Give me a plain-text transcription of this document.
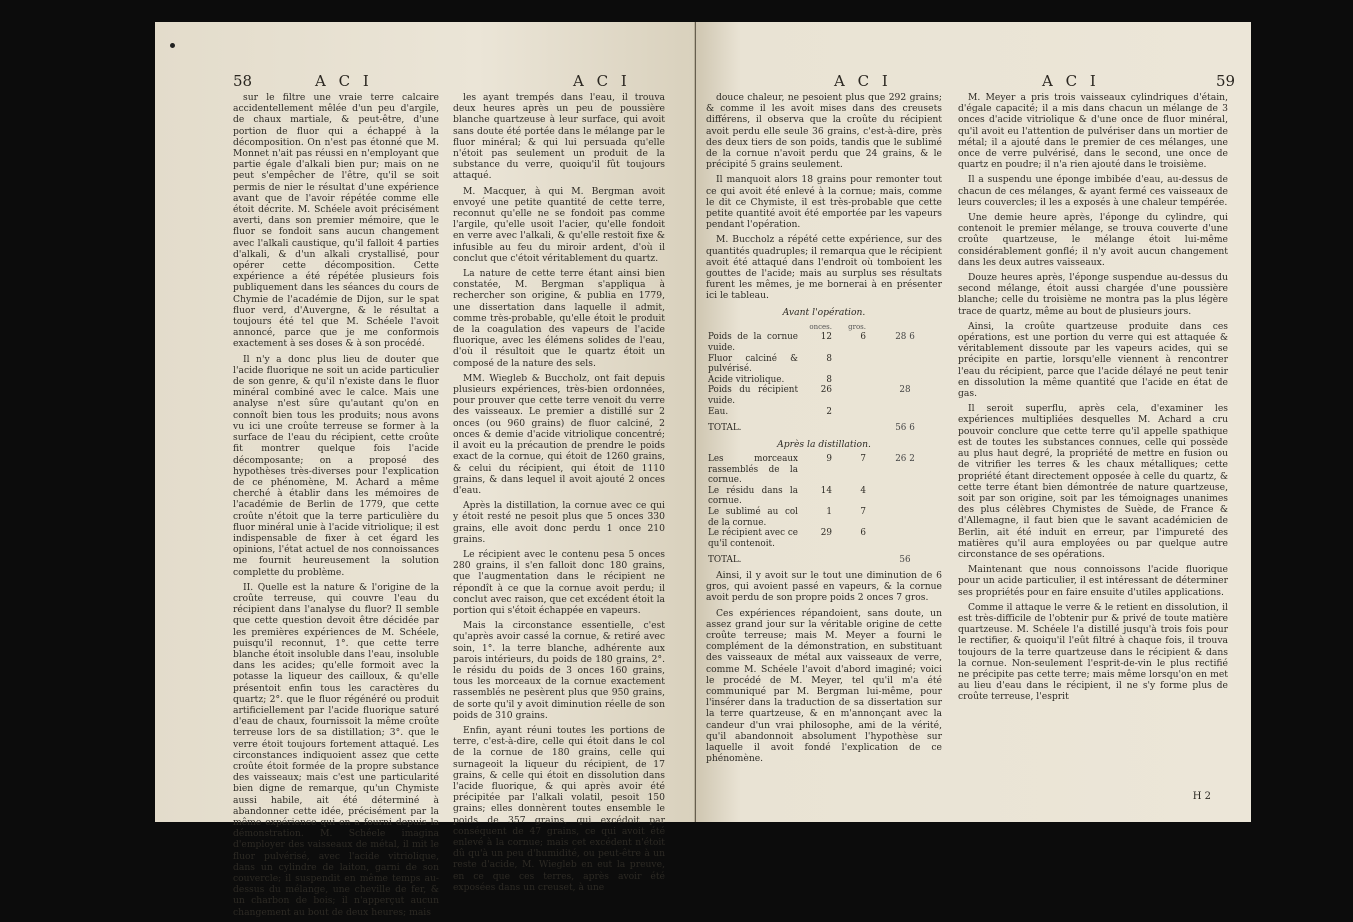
58	A C I	A C I

sur le filtre une vraie terre calcaire accidentellement mêlée d'un peu d'argile, de chaux martiale, & peut-être, d'une portion de fluor qui a échappé à la décomposition. On n'est pas étonné que M. Monnet n'ait pas réussi en n'employant que partie égale d'alkali bien pur; mais on ne peut s'empêcher de l'être, qu'il se soit permis de nier le résultat d'une expérience avant que de l'avoir répétée comme elle étoit décrite. M. Schéele avoit précisément averti, dans son premier mémoire, que le fluor se fondoit sans aucun changement avec l'alkali caustique, qu'il falloit 4 parties d'alkali, & d'un alkali crystallisé, pour opérer cette décomposition. Cette expérience a été répétée plusieurs fois publiquement dans les séances du cours de Chymie de l'académie de Dijon, sur le spat fluor verd, d'Auvergne, & le résultat a toujours été tel que M. Schéele l'avoit annoncé, parce que je me conformois exactement à ses doses & à son procédé.

Il n'y a donc plus lieu de douter que l'acide fluorique ne soit un acide particulier de son genre, & qu'il n'existe dans le fluor minéral combiné avec le calce. Mais une analyse n'est sûre qu'autant qu'on en connoît bien tous les produits; nous avons vu ici une croûte terreuse se former à la surface de l'eau du récipient, cette croûte fit montrer quelque fois l'acide décomposante; on a proposé des hypothèses très-diverses pour l'explication de ce phénomène, M. Achard a même cherché à établir dans les mémoires de l'académie de Berlin de 1779, que cette croûte n'étoit que la terre particulière du fluor minéral unie à l'acide vitriolique; il est indispensable de fixer à cet égard les opinions, l'état actuel de nos connoissances me fournit heureusement la solution complette du problème.

II. Quelle est la nature & l'origine de la croûte terreuse, qui couvre l'eau du récipient dans l'analyse du fluor? Il semble que cette question devoit être décidée par les premières expériences de M. Schéele, puisqu'il reconnut, 1°. que cette terre blanche étoit insoluble dans l'eau, insoluble dans les acides; qu'elle formoit avec la potasse la liqueur des cailloux, & qu'elle présentoit enfin tous les caractères du quartz; 2°. que le fluor régénéré ou produit artificiellement par l'acide fluorique saturé d'eau de chaux, fournissoit la même croûte terreuse lors de sa distillation; 3°. que le verre étoit toujours fortement attaqué. Les circonstances indiquoient assez que cette croûte étoit formée de la propre substance des vaisseaux; mais c'est une particularité bien digne de remarque, qu'un Chymiste aussi habile, ait été déterminé à abandonner cette idée, précisément par la même expérience qui en a fourni depuis la démonstration. M. Schéele imagina d'employer des vaisseaux de métal, il mit le fluor pulvérisé, avec l'acide vitriolique, dans un cylindre de laiton, garni de son couvercle; il suspendit en même temps au-dessus du mélange, une cheville de fer, & un charbon de bois; il n'apperçut aucun changement au bout de deux heures; mais

les ayant trempés dans l'eau, il trouva deux heures après un peu de poussière blanche quartzeuse à leur surface, qui avoit sans doute été portée dans le mélange par le fluor minéral; & qui lui persuada qu'elle n'étoit pas seulement un produit de la substance du verre, quoiqu'il fût toujours attaqué.

M. Macquer, à qui M. Bergman avoit envoyé une petite quantité de cette terre, reconnut qu'elle ne se fondoit pas comme l'argile, qu'elle usoit l'acier, qu'elle fondoit en verre avec l'alkali, & qu'elle restoit fixe & infusible au feu du miroir ardent, d'où il conclut que c'étoit véritablement du quartz.

La nature de cette terre étant ainsi bien constatée, M. Bergman s'appliqua à rechercher son origine, & publia en 1779, une dissertation dans laquelle il admit, comme très-probable, qu'elle étoit le produit de la coagulation des vapeurs de l'acide fluorique, avec les élémens solides de l'eau, d'où il résultoit que le quartz étoit un composé de la nature des sels.

MM. Wiegleb & Buccholz, ont fait depuis plusieurs expériences, très-bien ordonnées, pour prouver que cette terre venoit du verre des vaisseaux. Le premier a distillé sur 2 onces (ou 960 grains) de fluor calciné, 2 onces & demie d'acide vitriolique concentré; il avoit eu la précaution de prendre le poids exact de la cornue, qui étoit de 1260 grains, & celui du récipient, qui étoit de 1110 grains, & dans lequel il avoit ajouté 2 onces d'eau.

Après la distillation, la cornue avec ce qui y étoit resté ne pesoit plus que 5 onces 330 grains, elle avoit donc perdu 1 once 210 grains.

Le récipient avec le contenu pesa 5 onces 280 grains, il s'en falloit donc 180 grains, que l'augmentation dans le récipient ne répondît à ce que la cornue avoit perdu; il conclut avec raison, que cet excédent étoit la portion qui s'étoit échappée en vapeurs.

Mais la circonstance essentielle, c'est qu'après avoir cassé la cornue, & retiré avec soin, 1°. la terre blanche, adhérente aux parois intérieurs, du poids de 180 grains, 2°. le résidu du poids de 3 onces 160 grains, tous les morceaux de la cornue exactement rassemblés ne pesèrent plus que 950 grains, de sorte qu'il y avoit diminution réelle de son poids de 310 grains.

Enfin, ayant réuni toutes les portions de terre, c'est-à-dire, celle qui étoit dans le col de la cornue de 180 grains, celle qui surnageoit la liqueur du récipient, de 17 grains, & celle qui étoit en dissolution dans l'acide fluorique, & qui après avoir été précipitée par l'alkali volatil, pesoit 150 grains; elles donnèrent toutes ensemble le poids de 357 grains, qui excédoit par conséquent de 47 grains, ce qui avoit été enlevé à la cornue; mais cet excédent n'étoit dû qu'à un peu d'humidité, ou peut-être à un reste d'acide, M. Wiegleb en eut la preuve, en ce que ces terres, après avoir été exposées dans un creuset, à une

A C I	A C I	59

douce chaleur, ne pesoient plus que 292 grains; & comme il les avoit mises dans des creusets différens, il observa que la croûte du récipient avoit perdu elle seule 36 grains, c'est-à-dire, près des deux tiers de son poids, tandis que le sublimé de la cornue n'avoit perdu que 24 grains, & le précipité 5 grains seulement.

Il manquoit alors 18 grains pour remonter tout ce qui avoit été enlevé à la cornue; mais, comme le dit ce Chymiste, il est très-probable que cette petite quantité avoit été emportée par les vapeurs pendant l'opération.

M. Buccholz a répété cette expérience, sur des quantités quadruples; il remarqua que le récipient avoit été attaqué dans l'endroit où tomboient les gouttes de l'acide; mais au surplus ses résultats furent les mêmes, je me bornerai à en présenter ici le tableau.

Avant l'opération.

	onces.	gros.	
Poids de la cornue vuide.	12	6	28 6
Fluor calciné & pulvérisé.	8		
Acide vitriolique.	8		
Poids du récipient vuide.	26		28
Eau.	2		
TOTAL.			56 6

Après la distillation.

Les morceaux rassemblés de la cornue.	9	7	26 2
Le résidu dans la cornue.	14	4	
Le sublimé au col de la cornue.	1	7	
Le récipient avec ce qu'il contenoit.	29	6	
TOTAL.			56

Ainsi, il y avoit sur le tout une diminution de 6 gros, qui avoient passé en vapeurs, & la cornue avoit perdu de son propre poids 2 onces 7 gros.

Ces expériences répandoient, sans doute, un assez grand jour sur la véritable origine de cette croûte terreuse; mais M. Meyer a fourni le complément de la démonstration, en substituant des vaisseaux de métal aux vaisseaux de verre, comme M. Schéele l'avoit d'abord imaginé; voici le procédé de M. Meyer, tel qu'il m'a été communiqué par M. Bergman lui-même, pour l'insérer dans la traduction de sa dissertation sur la terre quartzeuse, & en m'annonçant avec la candeur d'un vrai philosophe, ami de la vérité, qu'il abandonnoit absolument l'hypothèse sur laquelle il avoit fondé l'explication de ce phénomène.

M. Meyer a pris trois vaisseaux cylindriques d'étain, d'égale capacité; il a mis dans chacun un mélange de 3 onces d'acide vitriolique & d'une once de fluor minéral, qu'il avoit eu l'attention de pulvériser dans un mortier de métal; il a ajouté dans le premier de ces mélanges, une once de verre pulvérisé, dans le second, une once de quartz en poudre; il n'a rien ajouté dans le troisième.

Il a suspendu une éponge imbibée d'eau, au-dessus de chacun de ces mélanges, & ayant fermé ces vaisseaux de leurs couvercles; il les a exposés à une chaleur tempérée.

Une demie heure après, l'éponge du cylindre, qui contenoit le premier mélange, se trouva couverte d'une croûte quartzeuse, le mélange étoit lui-même considérablement gonflé; il n'y avoit aucun changement dans les deux autres vaisseaux.

Douze heures après, l'éponge suspendue au-dessus du second mélange, étoit aussi chargée d'une poussière blanche; celle du troisième ne montra pas la plus légère trace de quartz, même au bout de plusieurs jours.

Ainsi, la croûte quartzeuse produite dans ces opérations, est une portion du verre qui est attaquée & véritablement dissoute par les vapeurs acides, qui se précipite en partie, lorsqu'elle viennent à rencontrer l'eau du récipient, parce que l'acide délayé ne peut tenir en dissolution la même quantité que l'acide en état de gas.

Il seroit superflu, après cela, d'examiner les expériences multipliées desquelles M. Achard a cru pouvoir conclure que cette terre qu'il appelle spathique est de toutes les substances connues, celle qui possède au plus haut degré, la propriété de mettre en fusion ou de vitrifier les terres & les chaux métalliques; cette propriété étant directement opposée à celle du quartz, & cette terre étant bien démontrée de nature quartzeuse, soit par son origine, soit par les témoignages unanimes des plus célèbres Chymistes de Suède, de France & d'Allemagne, il faut bien que le savant académicien de Berlin, ait été induit en erreur, par l'impureté des matières qu'il aura employées ou par quelque autre circonstance de ses opérations.

Maintenant que nous connoissons l'acide fluorique pour un acide particulier, il est intéressant de déterminer ses propriétés pour en faire ensuite d'utiles applications.

Comme il attaque le verre & le retient en dissolution, il est très-difficile de l'obtenir pur & privé de toute matière quartzeuse. M. Schéele l'a distillé jusqu'à trois fois pour le rectifier, & quoiqu'il l'eût filtré à chaque fois, il trouva toujours de la terre quartzeuse dans le récipient & dans la cornue. Non-seulement l'esprit-de-vin le plus rectifié ne précipite pas cette terre; mais même lorsqu'on en met au lieu d'eau dans le récipient, il ne s'y forme plus de croûte terreuse, l'esprit

H 2
